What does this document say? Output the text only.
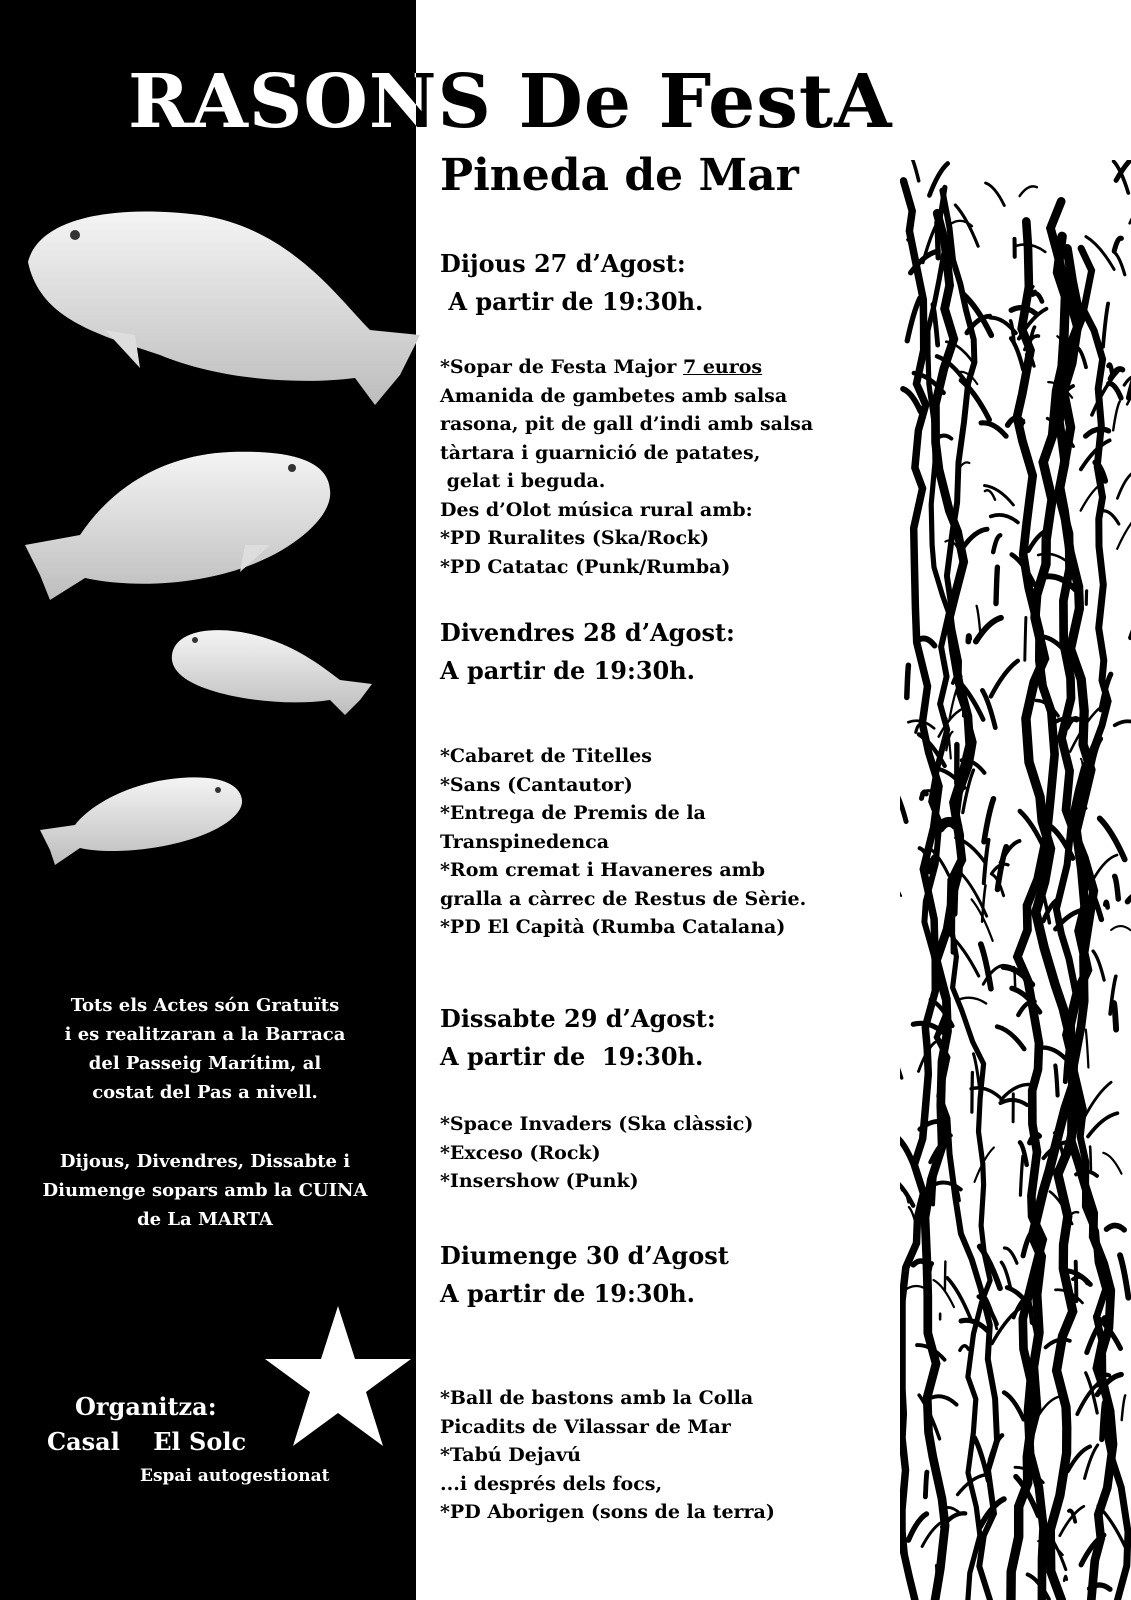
RASONS De FestA
Pineda de Mar
Dijous 27 d’Agost:
A partir de 19:30h.
*Sopar de Festa Major 7 euros
Amanida de gambetes amb salsa
rasona, pit de gall d’indi amb salsa
tàrtara i guarnició de patates,
gelat i beguda.
Des d’Olot música rural amb:
*PD Ruralites (Ska/Rock)
*PD Catatac (Punk/Rumba)
Divendres 28 d’Agost:
A partir de 19:30h.
*Cabaret de Titelles
*Sans (Cantautor)
*Entrega de Premis de la
Transpinedenca
*Rom cremat i Havaneres amb
gralla a càrrec de Restus de Sèrie.
*PD El Capità (Rumba Catalana)
Dissabte 29 d’Agost:
A partir de  19:30h.
*Space Invaders (Ska clàssic)
*Exceso (Rock)
*Insershow (Punk)
Diumenge 30 d’Agost
A partir de 19:30h.
*Ball de bastons amb la Colla
Picadits de Vilassar de Mar
*Tabú Dejavú
...i després dels focs,
*PD Aborigen (sons de la terra)
Tots els Actes són Gratuïts
i es realitzaran a la Barraca
del Passeig Marítim, al
costat del Pas a nivell.
Dijous, Divendres, Dissabte i
Diumenge sopars amb la CUINA
de La MARTA
Organitza:
Casal    El Solc
Espai autogestionat
